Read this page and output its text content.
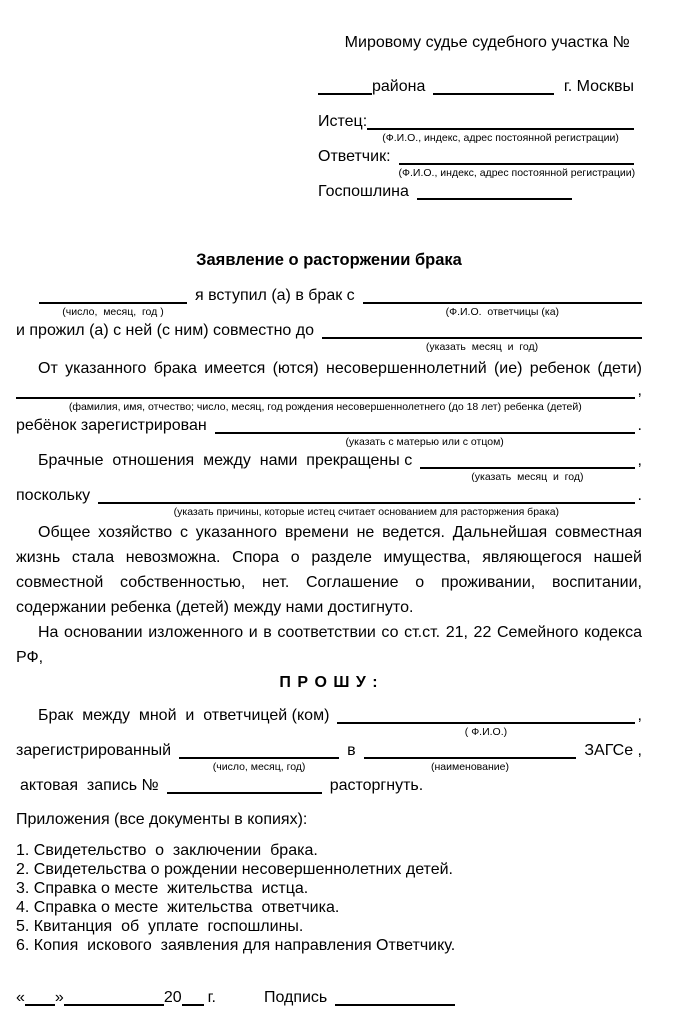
Мировому судье судебного участка №

района	г. Москвы
Истец:
(Ф.И.О., индекс, адрес постоянной регистрации)
Ответчик:
(Ф.И.О., индекс, адрес постоянной регистрации)
Госпошлина
Заявление о расторжении брака
(число,  месяц,  год )
я вступил (а) в брак с
(Ф.И.О.  ответчицы (ка)
и прожил (а) с ней (с ним) совместно до
(указать  месяц  и  год)
От указанного брака имеется (ются) несовершеннолетний (ие) ребенок (дети)
(фамилия, имя, отчество; число, месяц, год рождения несовершеннолетнего (до 18 лет) ребенка (детей)
,
ребёнок зарегистрирован
(указать с матерью или с отцом)
.
Брачные  отношения  между  нами  прекращены с
(указать  месяц  и  год)
,
поскольку
(указать причины, которые истец считает основанием для расторжения брака)
.

Общее хозяйство с указанного времени не ведется. Дальнейшая совместная жизнь стала невозможна. Спора о разделе имущества, являющегося нашей совместной собственностью, нет. Соглашение о проживании, воспитании, содержании ребенка (детей) между нами достигнуто.

На основании изложенного и в соответствии со ст.ст. 21, 22 Семейного кодекса РФ,

П Р О Ш У :
Брак  между  мной  и  ответчицей (ком)
( Ф.И.О.)
,
зарегистрированный
(число, месяц, год)
в
(наименование)
ЗАГСе ,
актовая  запись №	расторгнуть.
Приложения (все документы в копиях):
1. Свидетельство  о  заключении  брака.
2. Свидетельства о рождении несовершеннолетних детей.
3. Справка о месте  жительства  истца.
4. Справка о месте  жительства  ответчика.
5. Квитанция  об  уплате  госпошлины.
6. Копия  искового  заявления для направления Ответчику.
« »	20 г.	Подпись
